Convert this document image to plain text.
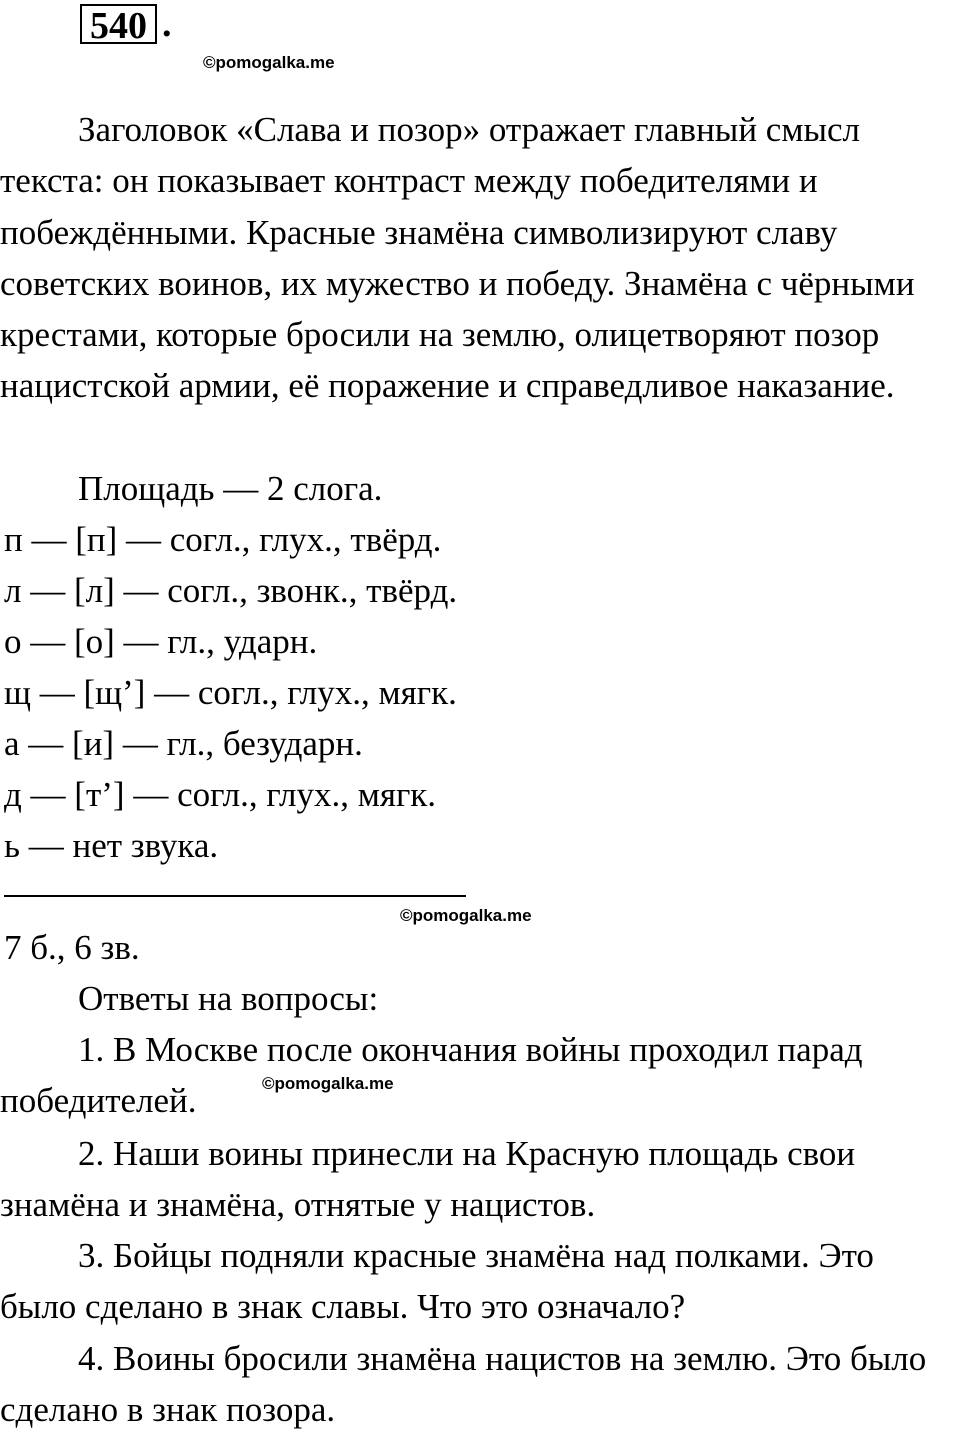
540 .
©pomogalka.me

Заголовок «Слава и позор» отражает главный смысл текста: он показывает контраст между победителями и побеждёнными. Красные знамёна символизируют славу советских воинов, их мужество и победу. Знамёна с чёрными крестами, которые бросили на землю, олицетворяют позор нацистской армии, её поражение и справедливое наказание.

Площадь — 2 слога.

п — [п] — согл., глух., твёрд.
л — [л] — согл., звонк., твёрд.
о — [о] — гл., ударн.
щ — [щ’] — согл., глух., мягк.
а — [и] — гл., безударн.
д — [т’] — согл., глух., мягк.
ь — нет звука.
©pomogalka.me
7 б., 6 зв.

Ответы на вопросы:

1. В Москве после окончания войны проходил парад победителей.	©pomogalka.me

2. Наши воины принесли на Красную площадь свои знамёна и знамёна, отнятые у нацистов.

3. Бойцы подняли красные знамёна над полками. Это было сделано в знак славы. Что это означало?

4. Воины бросили знамёна нацистов на землю. Это было сделано в знак позора.
